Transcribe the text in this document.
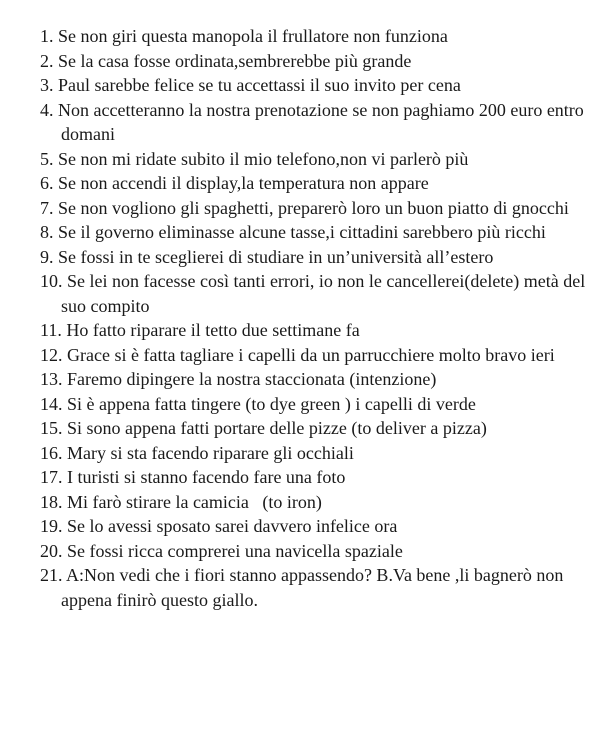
1. Se non giri questa manopola il frullatore non funziona
2. Se la casa fosse ordinata,sembrerebbe più grande
3. Paul sarebbe felice se tu accettassi il suo invito per cena
4. Non accetteranno la nostra prenotazione se non paghiamo 200 euro entro domani
5. Se non mi ridate subito il mio telefono,non vi parlerò più
6. Se non accendi il display,la temperatura non appare
7. Se non vogliono gli spaghetti, preparerò loro un buon piatto di gnocchi
8. Se il governo eliminasse alcune tasse,i cittadini sarebbero più ricchi
9. Se fossi in te sceglierei di studiare in un’università all’estero
10. Se lei non facesse così tanti errori, io non le cancellerei(delete) metà del suo compito
11. Ho fatto riparare il tetto due settimane fa
12. Grace si è fatta tagliare i capelli da un parrucchiere molto bravo ieri
13. Faremo dipingere la nostra staccionata (intenzione)
14. Si è appena fatta tingere (to dye green ) i capelli di verde
15. Si sono appena fatti portare delle pizze (to deliver a pizza)
16. Mary si sta facendo riparare gli occhiali
17. I turisti si stanno facendo fare una foto
18. Mi farò stirare la camicia   (to iron)
19. Se lo avessi sposato sarei davvero infelice ora
20. Se fossi ricca comprerei una navicella spaziale
21. A:Non vedi che i fiori stanno appassendo? B.Va bene ,li bagnerò non appena finirò questo giallo.
